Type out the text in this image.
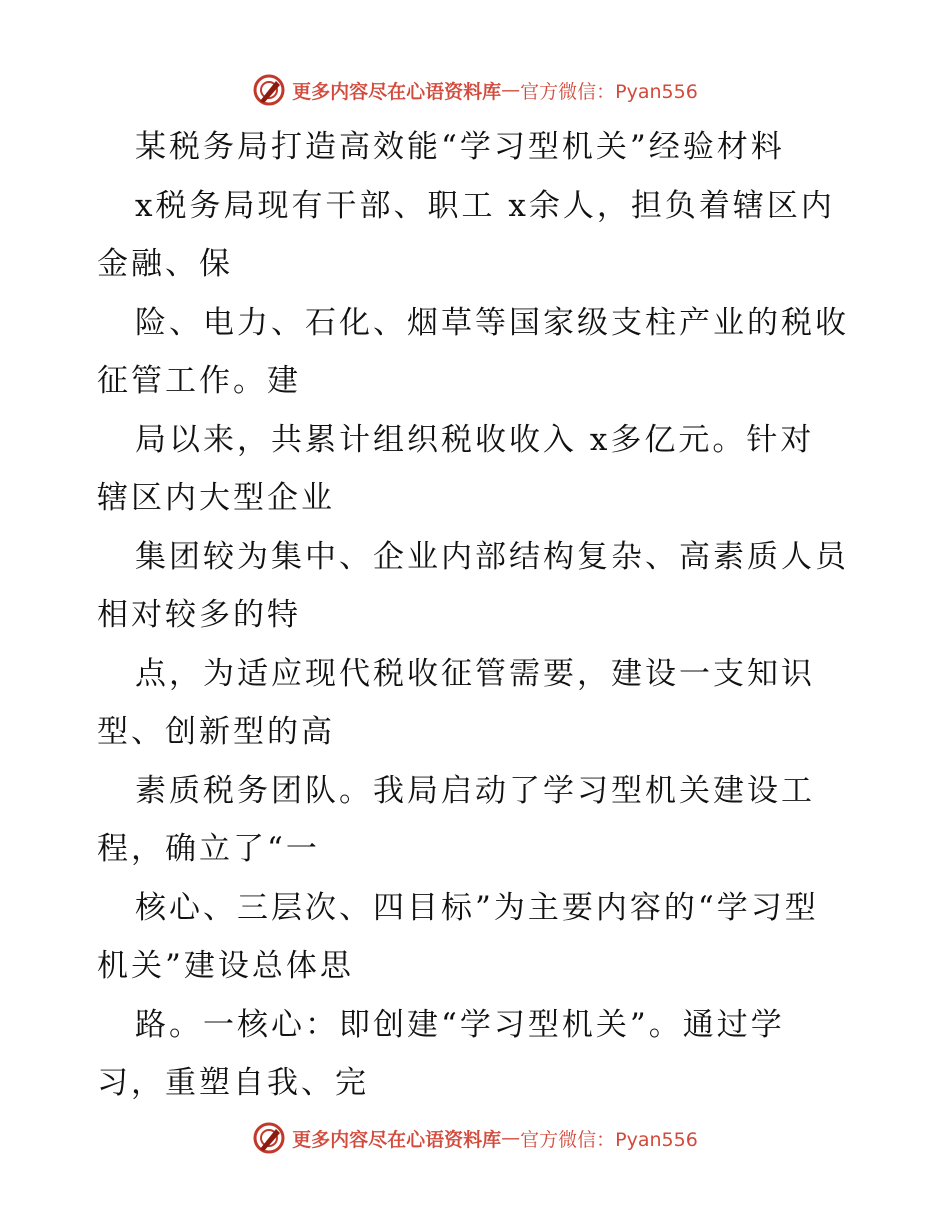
更多内容尽在心语资料库 — 官方微信：Pyan556
某税务局打造高效能“学习型机关”经验材料
x税务局现有干部、职工 x余人，担负着辖区内
金融、保
险、电力、石化、烟草等国家级支柱产业的税收
征管工作。建
局以来，共累计组织税收收入 x多亿元。针对
辖区内大型企业
集团较为集中、企业内部结构复杂、高素质人员
相对较多的特
点，为适应现代税收征管需要，建设一支知识
型、创新型的高
素质税务团队。我局启动了学习型机关建设工
程，确立了“一
核心、三层次、四目标”为主要内容的“学习型
机关”建设总体思
路。一核心：即创建“学习型机关”。通过学
习，重塑自我、完
更多内容尽在心语资料库 — 官方微信：Pyan556
